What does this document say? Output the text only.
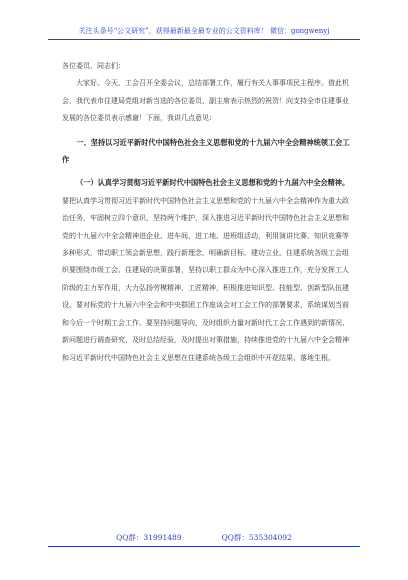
关注头条号“公文研究”，获得最新最全最专业的公文资料库！ 微信：gongwenyj

各位委员、同志们：

大家好。今天，工会召开全委会议，总结部署工作，履行有关人事事项民主程序。借此机会，我代表市住建局党组对新当选的各位委员、副主席表示热烈的祝贺！向支持全市住建事业发展的各位委员表示感谢！下面，我讲几点意见：

一、坚持以习近平新时代中国特色社会主义思想和党的十九届六中全会精神统领工会工作

（一）认真学习贯彻习近平新时代中国特色社会主义思想和党的十九届六中全会精神。要把认真学习贯彻习近平新时代中国特色社会主义思想和党的十九届六中全会精神作为重大政治任务，牢固树立四个意识，坚持两个维护，深入推进习近平新时代中国特色社会主义思想和党的十九届六中全会精神进企业、进车间、进工地、进班组活动，利用演讲比赛、知识竞赛等多种形式，带动职工领会新思想，践行新理念，明确新目标，建功立业。住建系统各级工会组织要围绕市级工会、住建局的决策部署，坚持以职工群众为中心深入推进工作，充分发挥工人阶级的主力军作用，大力弘扬劳模精神、工匠精神，积极推进知识型、技能型、创新型队伍建设。要对标党的十九届六中全会和中央群团工作座谈会对工会工作的部署要求，系统谋划当前和今后一个时期工会工作。要坚持问题导向，及时组织力量对新时代工会工作遇到的新情况、新问题进行调查研究，及时总结经验，及时提出对策措施，持续推进党的十九届六中全会精神和习近平新时代中国特色社会主义思想在住建系统各级工会组织中开花结果、落地生根。

QQ群：31991489	QQ群：535304092
